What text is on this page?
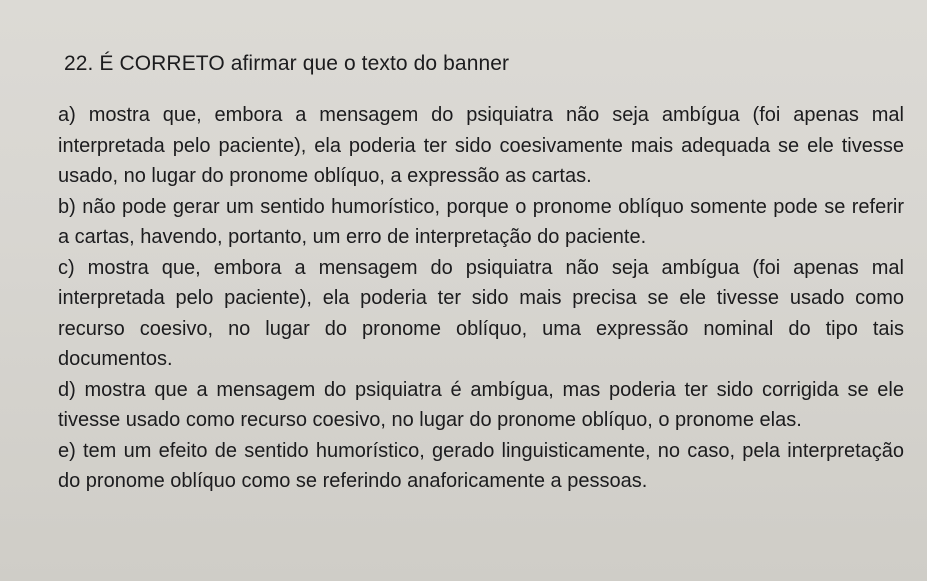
22. É CORRETO afirmar que o texto do banner

a) mostra que, embora a mensagem do psiquiatra não seja ambígua (foi apenas mal interpretada pelo paciente), ela poderia ter sido coesivamente mais adequada se ele tivesse usado, no lugar do pronome oblíquo, a expressão as cartas.

b) não pode gerar um sentido humorístico, porque o pronome oblíquo somente pode se referir a cartas, havendo, portanto, um erro de interpretação do paciente.

c) mostra que, embora a mensagem do psiquiatra não seja ambígua (foi apenas mal interpretada pelo paciente), ela poderia ter sido mais precisa se ele tivesse usado como recurso coesivo, no lugar do pronome oblíquo, uma expressão nominal do tipo tais documentos.

d) mostra que a mensagem do psiquiatra é ambígua, mas poderia ter sido corrigida se ele tivesse usado como recurso coesivo, no lugar do pronome oblíquo, o pronome elas.

e) tem um efeito de sentido humorístico, gerado linguisticamente, no caso, pela interpretação do pronome oblíquo como se referindo anaforicamente a pessoas.
